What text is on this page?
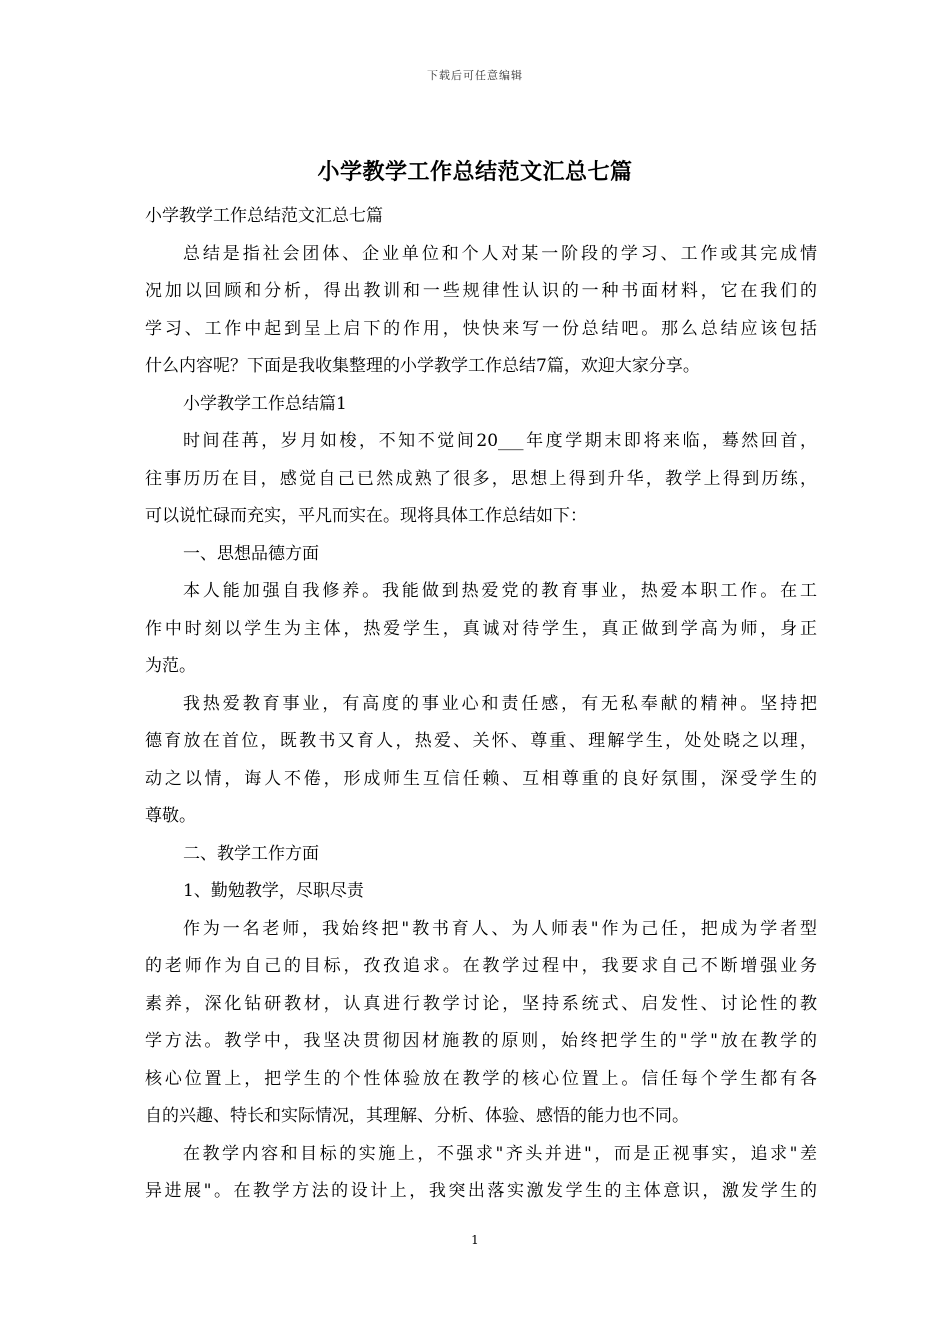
下载后可任意编辑
小学教学工作总结范文汇总七篇
小学教学工作总结范文汇总七篇
总结是指社会团体、企业单位和个人对某一阶段的学习、工作或其完成情
况加以回顾和分析，得出教训和一些规律性认识的一种书面材料，它在我们的
学习、工作中起到呈上启下的作用，快快来写一份总结吧。那么总结应该包括
什么内容呢？下面是我收集整理的小学教学工作总结7篇，欢迎大家分享。
小学教学工作总结篇1
时间荏苒，岁月如梭，不知不觉间20___年度学期末即将来临，蓦然回首，
往事历历在目，感觉自己已然成熟了很多，思想上得到升华，教学上得到历练，
可以说忙碌而充实，平凡而实在。现将具体工作总结如下：
一、思想品德方面
本人能加强自我修养。我能做到热爱党的教育事业，热爱本职工作。在工
作中时刻以学生为主体，热爱学生，真诚对待学生，真正做到学高为师，身正
为范。
我热爱教育事业，有高度的事业心和责任感，有无私奉献的精神。坚持把
德育放在首位，既教书又育人，热爱、关怀、尊重、理解学生，处处晓之以理，
动之以情，诲人不倦，形成师生互信任赖、互相尊重的良好氛围，深受学生的
尊敬。
二、教学工作方面
1、勤勉教学，尽职尽责
作为一名老师，我始终把"教书育人、为人师表"作为己任，把成为学者型
的老师作为自己的目标，孜孜追求。在教学过程中，我要求自己不断增强业务
素养，深化钻研教材，认真进行教学讨论，坚持系统式、启发性、讨论性的教
学方法。教学中，我坚决贯彻因材施教的原则，始终把学生的"学"放在教学的
核心位置上，把学生的个性体验放在教学的核心位置上。信任每个学生都有各
自的兴趣、特长和实际情况，其理解、分析、体验、感悟的能力也不同。
在教学内容和目标的实施上，不强求"齐头并进"，而是正视事实，追求"差
异进展"。在教学方法的设计上，我突出落实激发学生的主体意识，激发学生的
1
